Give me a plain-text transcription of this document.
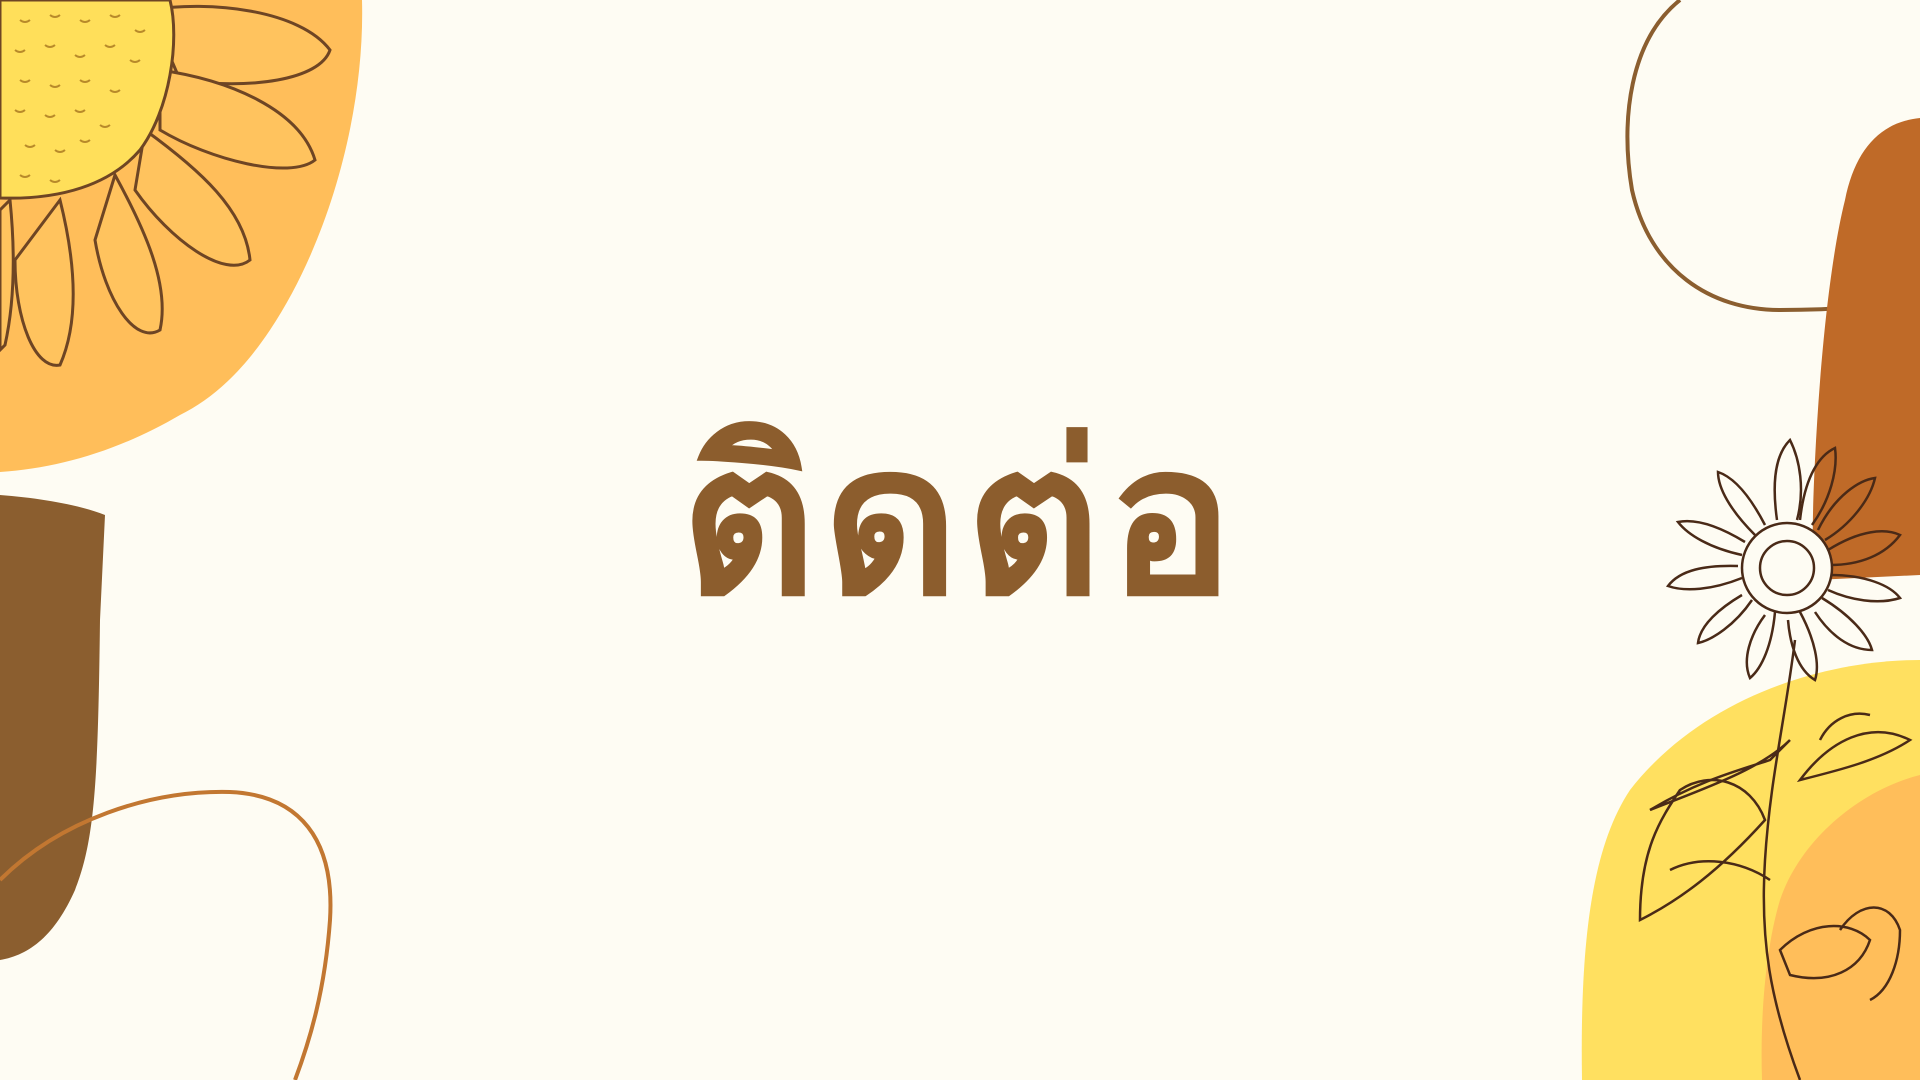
ติดต่อ
